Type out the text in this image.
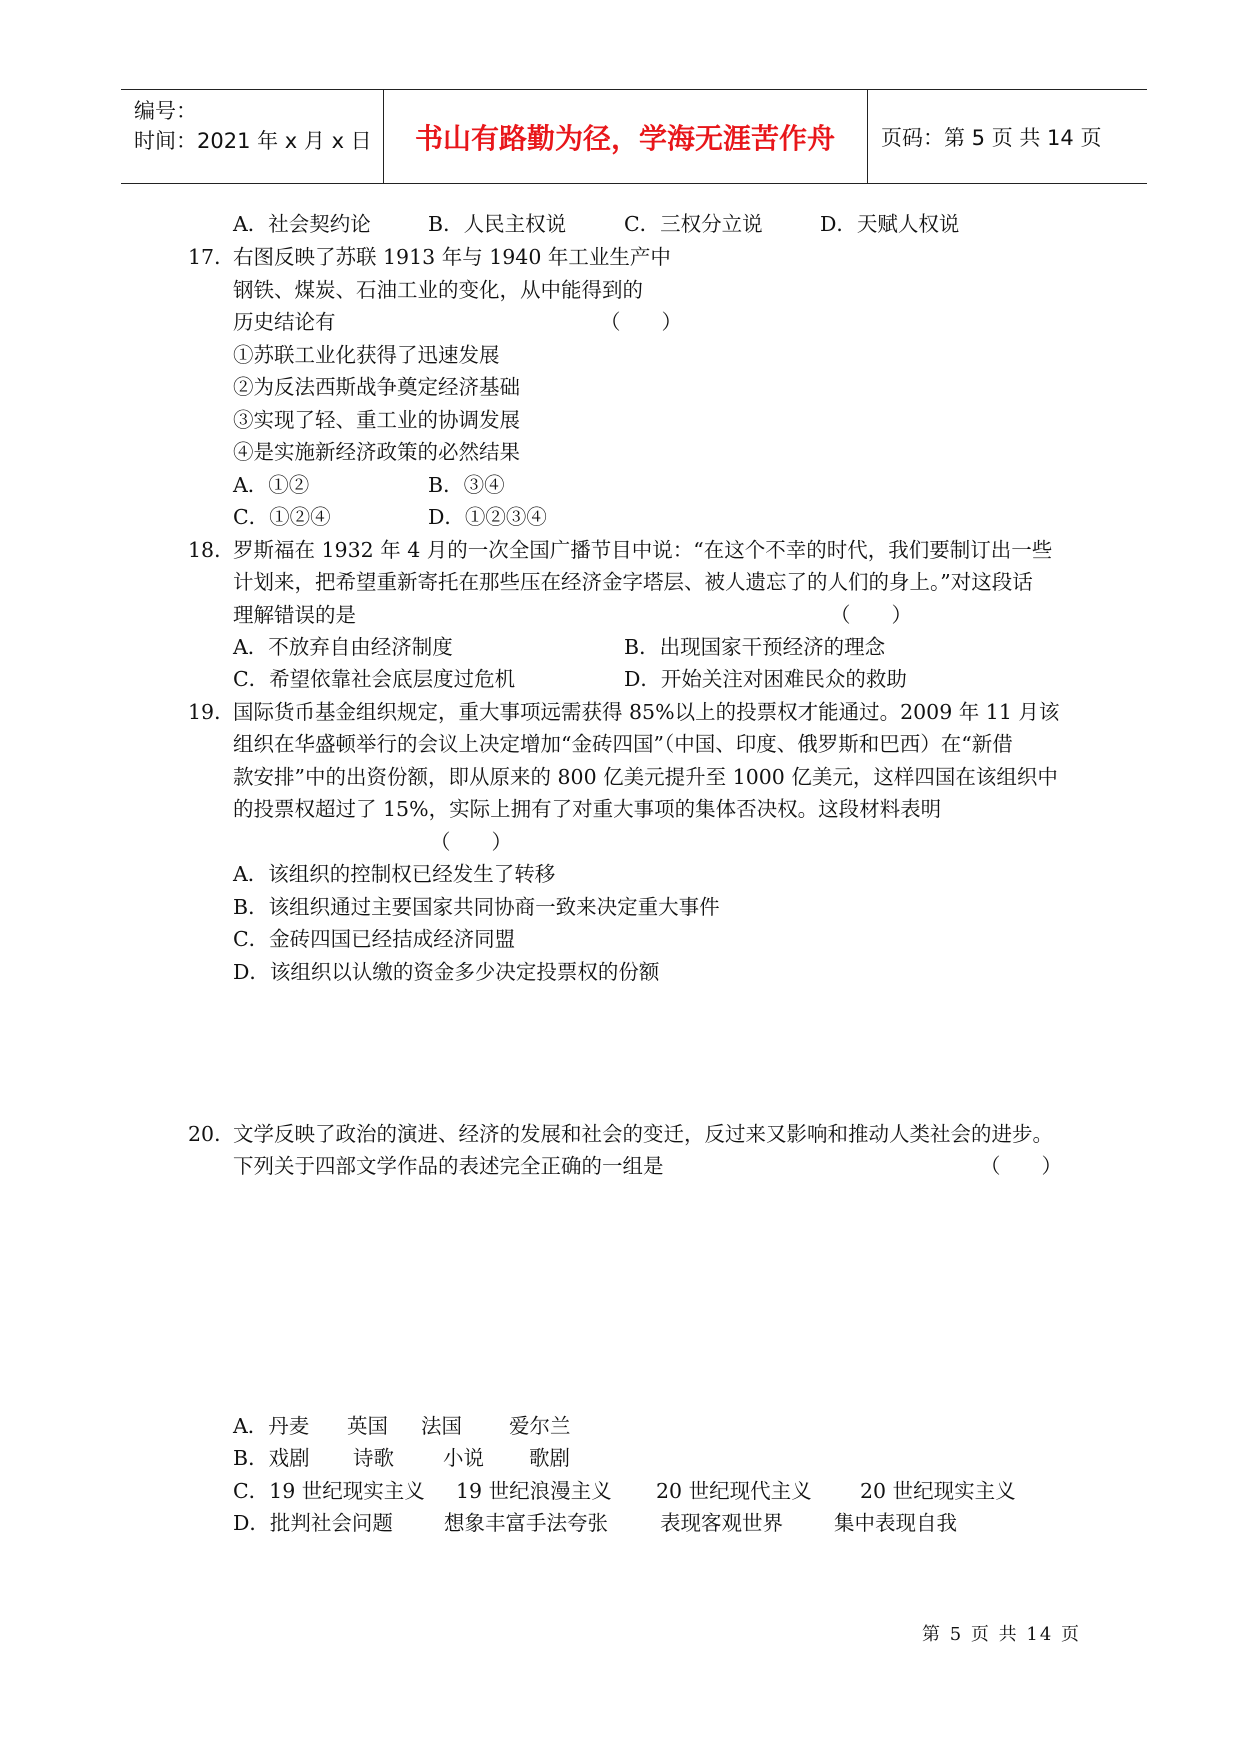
编号：
时间：2021 年 x 月 x 日	书山有路勤为径，学海无涯苦作舟	页码：第 5 页 共 14 页
A．社会契约论	B．人民主权说	C．三权分立说	D．天赋人权说
17．
右图反映了苏联 1913 年与 1940 年工业生产中
钢铁、煤炭、石油工业的变化，从中能得到的
历史结论有	（　　）
①苏联工业化获得了迅速发展
②为反法西斯战争奠定经济基础
③实现了轻、重工业的协调发展
④是实施新经济政策的必然结果
A．①②	B．③④
C．①②④	D．①②③④
18．
罗斯福在 1932 年 4 月的一次全国广播节目中说：“在这个不幸的时代，我们要制订出一些
计划来，把希望重新寄托在那些压在经济金字塔层、被人遗忘了的人们的身上。”对这段话
理解错误的是	（　　）
A．不放弃自由经济制度	B．出现国家干预经济的理念
C．希望依靠社会底层度过危机	D．开始关注对困难民众的救助
19．
国际货币基金组织规定，重大事项远需获得 85%以上的投票权才能通过。2009 年 11 月该
组织在华盛顿举行的会议上决定增加“金砖四国”（中国、印度、俄罗斯和巴西）在“新借
款安排”中的出资份额，即从原来的 800 亿美元提升至 1000 亿美元，这样四国在该组织中
的投票权超过了 15%，实际上拥有了对重大事项的集体否决权。这段材料表明
（　　）
A．该组织的控制权已经发生了转移
B．该组织通过主要国家共同协商一致来决定重大事件
C．金砖四国已经拮成经济同盟
D．该组织以认缴的资金多少决定投票权的份额
20．
文学反映了政治的演进、经济的发展和社会的变迁，反过来又影响和推动人类社会的进步。
下列关于四部文学作品的表述完全正确的一组是	（　　）
A．丹麦 英国 法国 爱尔兰
B．戏剧 诗歌 小说 歌剧
C．19 世纪现实主义 19 世纪浪漫主义 20 世纪现代主义 20 世纪现实主义
D．批判社会问题 想象丰富手法夸张	表现客观世界 集中表现自我
第 5 页 共 14 页
